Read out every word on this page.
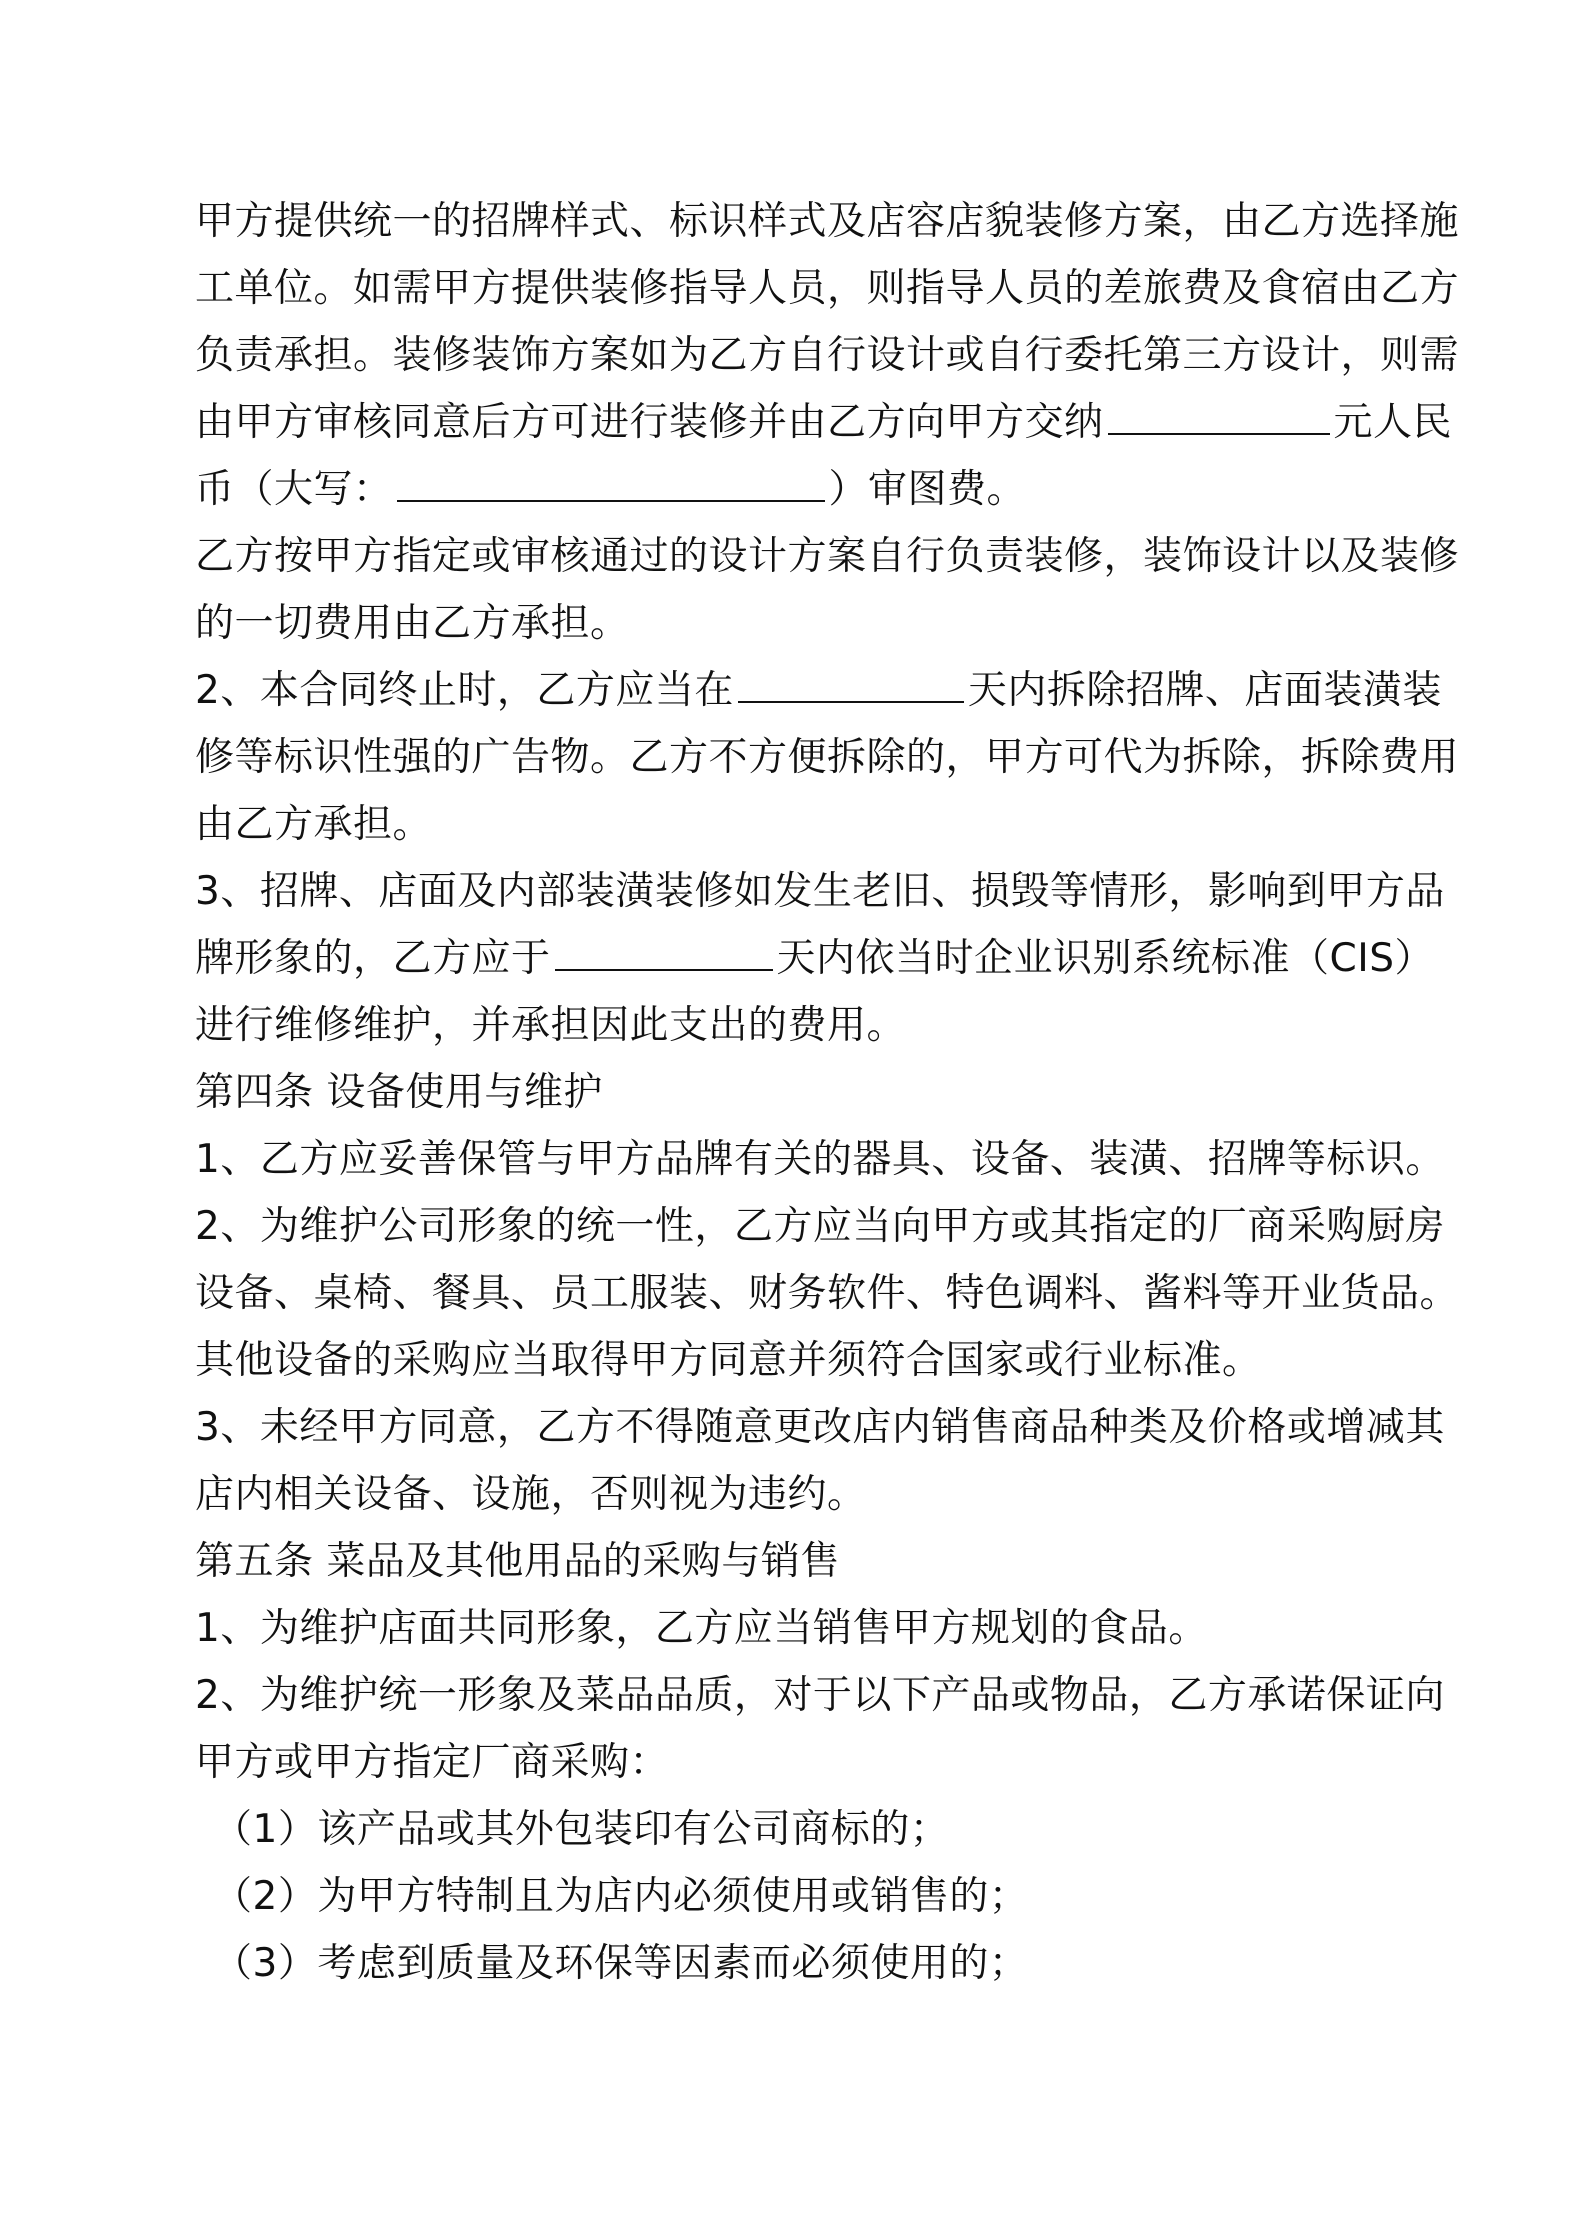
甲方提供统一的招牌样式、标识样式及店容店貌装修方案，由乙方选择施
工单位。如需甲方提供装修指导人员，则指导人员的差旅费及食宿由乙方
负责承担。装修装饰方案如为乙方自行设计或自行委托第三方设计，则需
由甲方审核同意后方可进行装修并由乙方向甲方交纳	元人民
币（大写：	）审图费。
乙方按甲方指定或审核通过的设计方案自行负责装修，装饰设计以及装修
的一切费用由乙方承担。
2、本合同终止时，乙方应当在	天内拆除招牌、店面装潢装
修等标识性强的广告物。乙方不方便拆除的，甲方可代为拆除，拆除费用
由乙方承担。
3、招牌、店面及内部装潢装修如发生老旧、损毁等情形，影响到甲方品
牌形象的，乙方应于	天内依当时企业识别系统标准（CIS）
进行维修维护，并承担因此支出的费用。
第四条 设备使用与维护
1、乙方应妥善保管与甲方品牌有关的器具、设备、装潢、招牌等标识。
2、为维护公司形象的统一性，乙方应当向甲方或其指定的厂商采购厨房
设备、桌椅、餐具、员工服装、财务软件、特色调料、酱料等开业货品。
其他设备的采购应当取得甲方同意并须符合国家或行业标准。
3、未经甲方同意，乙方不得随意更改店内销售商品种类及价格或增减其
店内相关设备、设施，否则视为违约。
第五条 菜品及其他用品的采购与销售
1、为维护店面共同形象，乙方应当销售甲方规划的食品。
2、为维护统一形象及菜品品质，对于以下产品或物品，乙方承诺保证向
甲方或甲方指定厂商采购：
（1）该产品或其外包装印有公司商标的；
（2）为甲方特制且为店内必须使用或销售的；
（3）考虑到质量及环保等因素而必须使用的；
